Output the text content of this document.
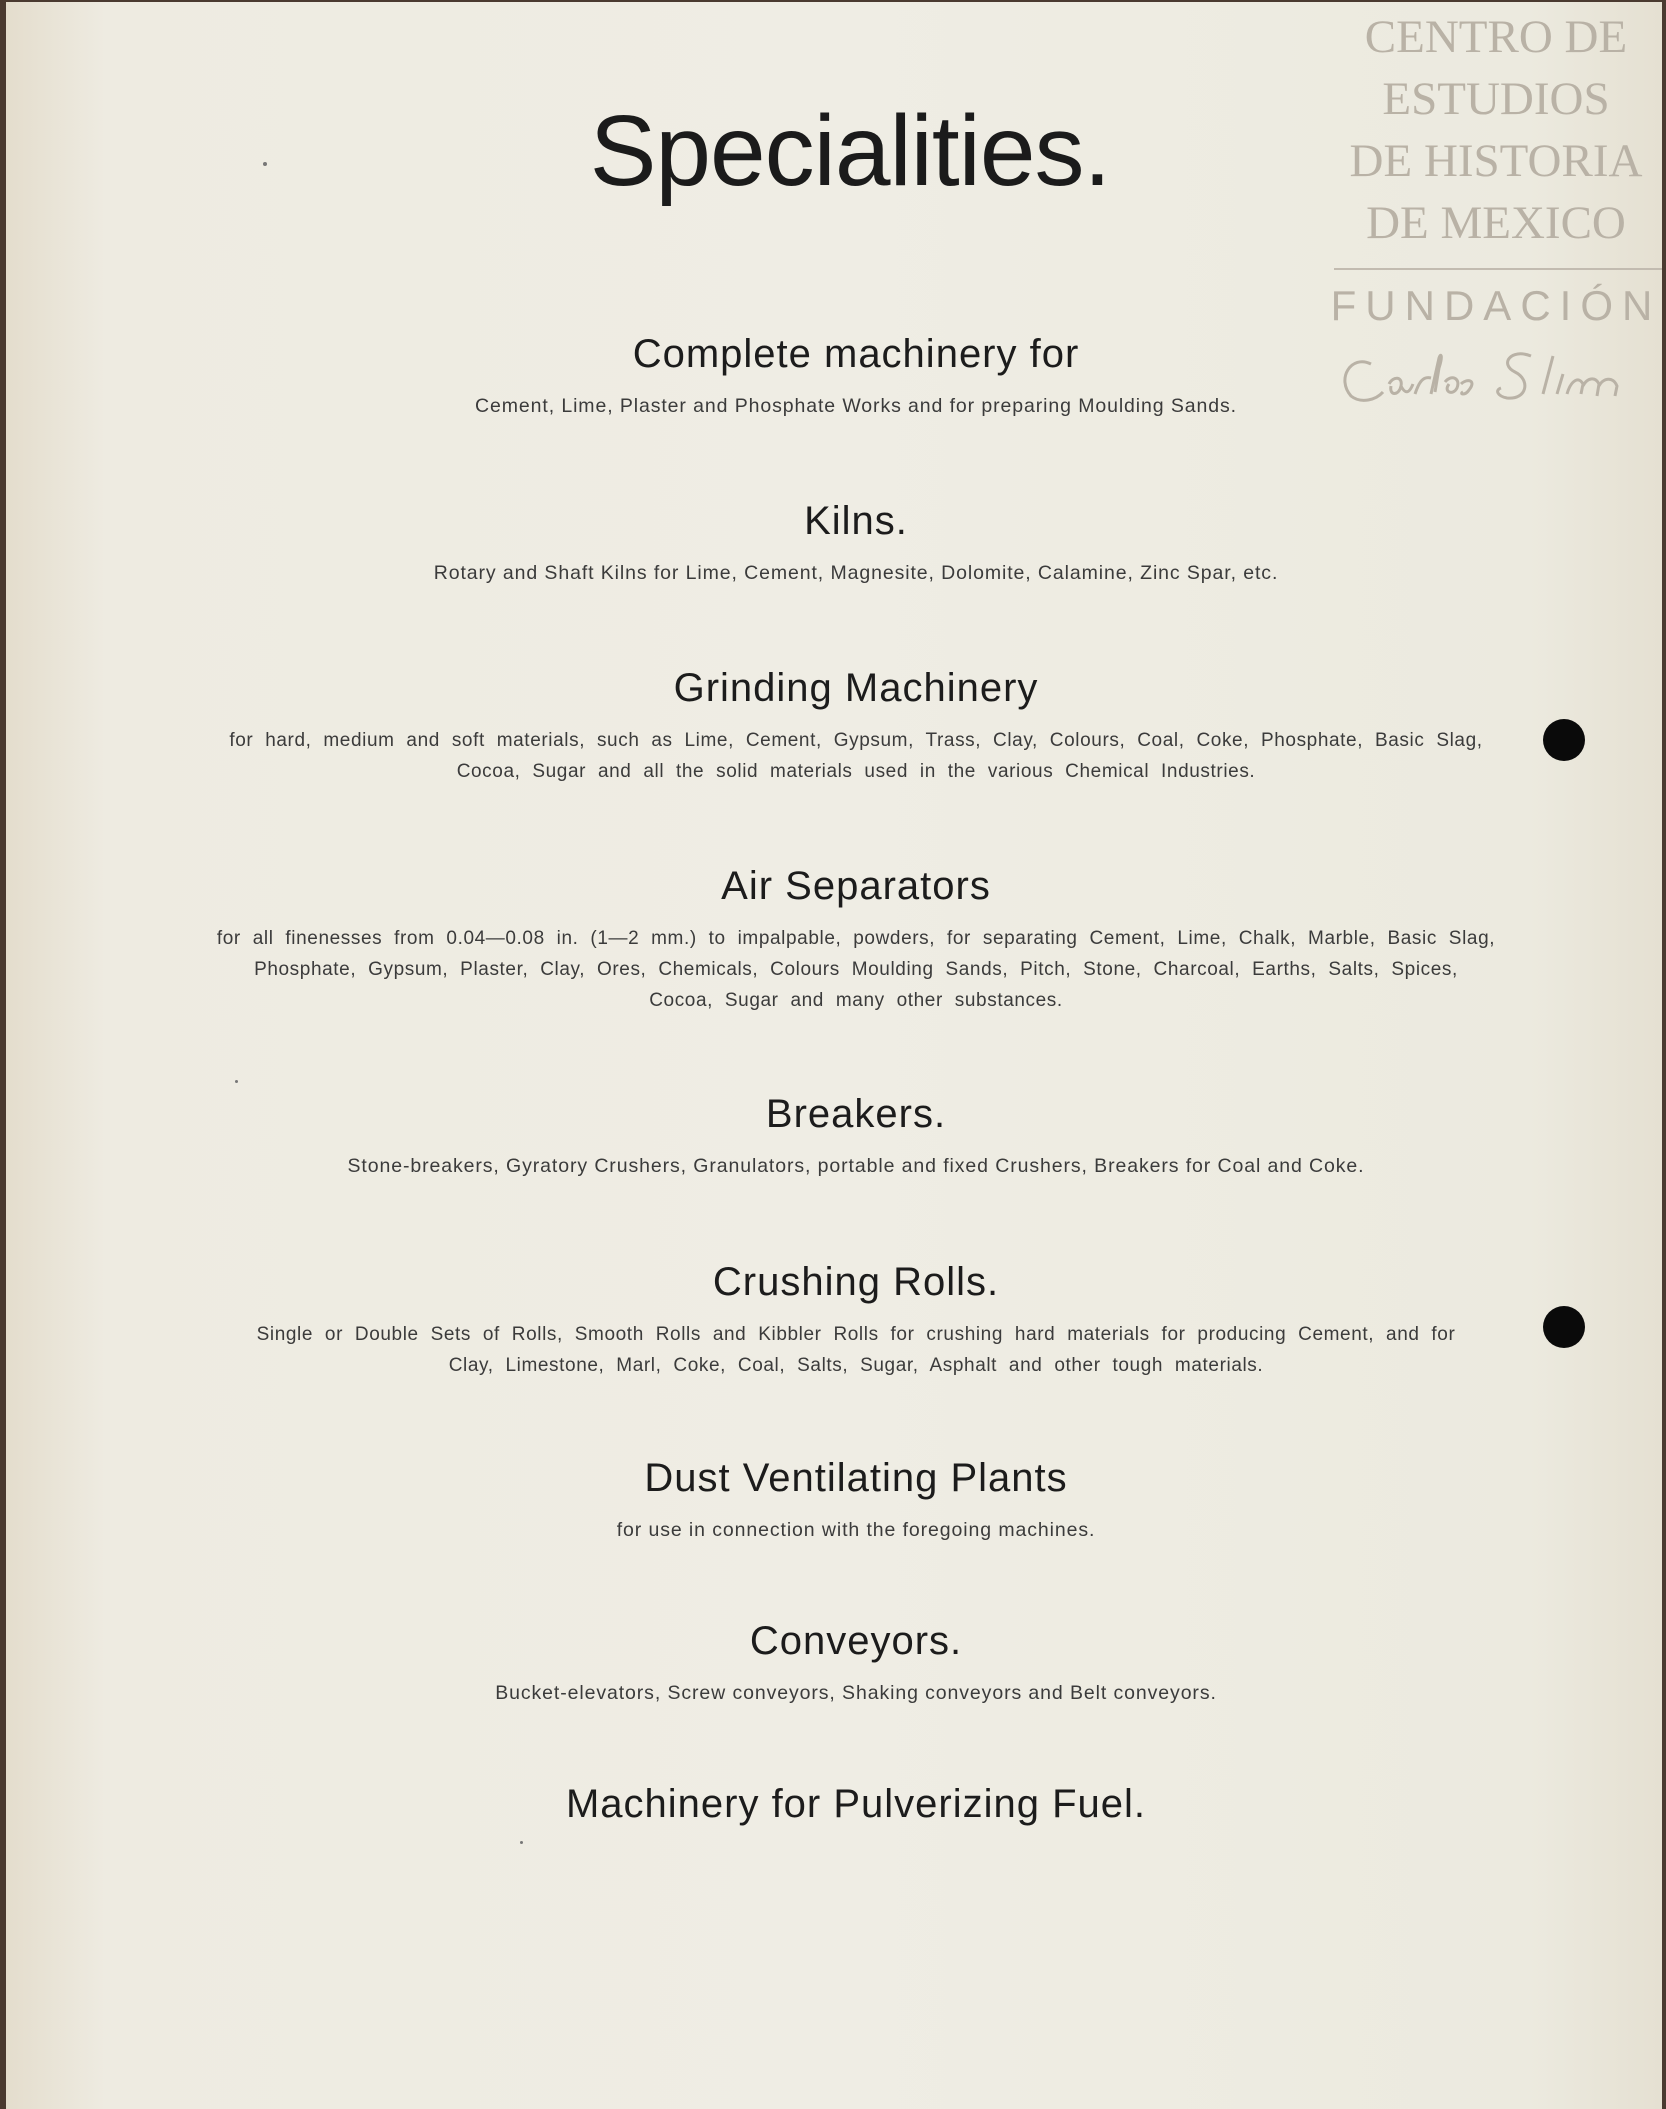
Specialities.
Complete machinery for

Cement, Lime, Plaster and Phosphate Works and for preparing Moulding Sands.

Kilns.

Rotary and Shaft Kilns for Lime, Cement, Magnesite, Dolomite, Calamine, Zinc Spar, etc.

Grinding Machinery

for hard, medium and soft materials, such as Lime, Cement, Gypsum, Trass, Clay, Colours, Coal, Coke, Phosphate, Basic Slag,
Cocoa, Sugar and all the solid materials used in the various Chemical Industries.

Air Separators

for all finenesses from 0.04—0.08 in. (1—2 mm.) to impalpable, powders, for separating Cement, Lime, Chalk, Marble, Basic Slag,
Phosphate, Gypsum, Plaster, Clay, Ores, Chemicals, Colours Moulding Sands, Pitch, Stone, Charcoal, Earths, Salts, Spices,
Cocoa, Sugar and many other substances.

Breakers.

Stone-breakers, Gyratory Crushers, Granulators, portable and fixed Crushers, Breakers for Coal and Coke.

Crushing Rolls.

Single or Double Sets of Rolls, Smooth Rolls and Kibbler Rolls for crushing hard materials for producing Cement, and for
Clay, Limestone, Marl, Coke, Coal, Salts, Sugar, Asphalt and other tough materials.

Dust Ventilating Plants

for use in connection with the foregoing machines.

Conveyors.

Bucket-elevators, Screw conveyors, Shaking conveyors and Belt conveyors.

Machinery for Pulverizing Fuel.
CENTRO DE
ESTUDIOS
DE HISTORIA
DE MEXICO
FUNDACIÓN
